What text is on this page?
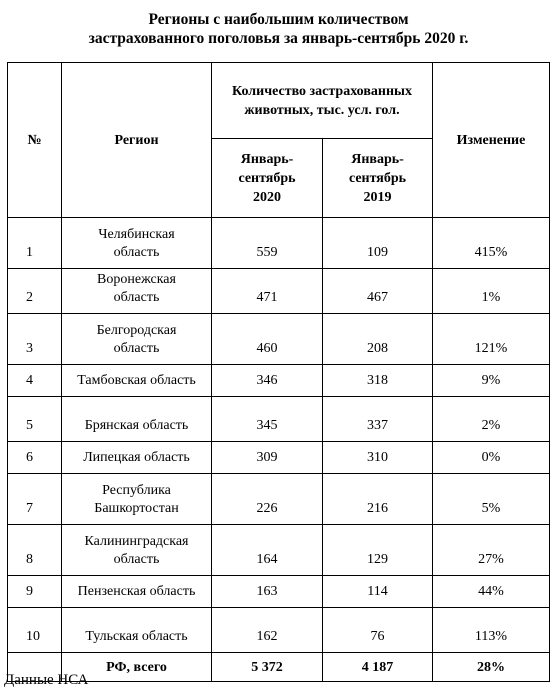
Регионы с наибольшим количеством
застрахованного поголовья за январь-сентябрь 2020 г.
№	Регион	Количество застрахованных животных, тыс. усл. гол.		Изменение

		Январь-сентябрь 2020	Январь-сентябрь 2019	

1	Челябинская область	559	109	415%
2	Воронежская область	471	467	1%
3	Белгородская область	460	208	121%
4	Тамбовская область	346	318	9%
5	Брянская область	345	337	2%
6	Липецкая область	309	310	0%
7	Республика Башкортостан	226	216	5%
8	Калининградская область	164	129	27%
9	Пензенская область	163	114	44%
10	Тульская область	162	76	113%
	РФ, всего	5 372	4 187	28%
Данные НСА
